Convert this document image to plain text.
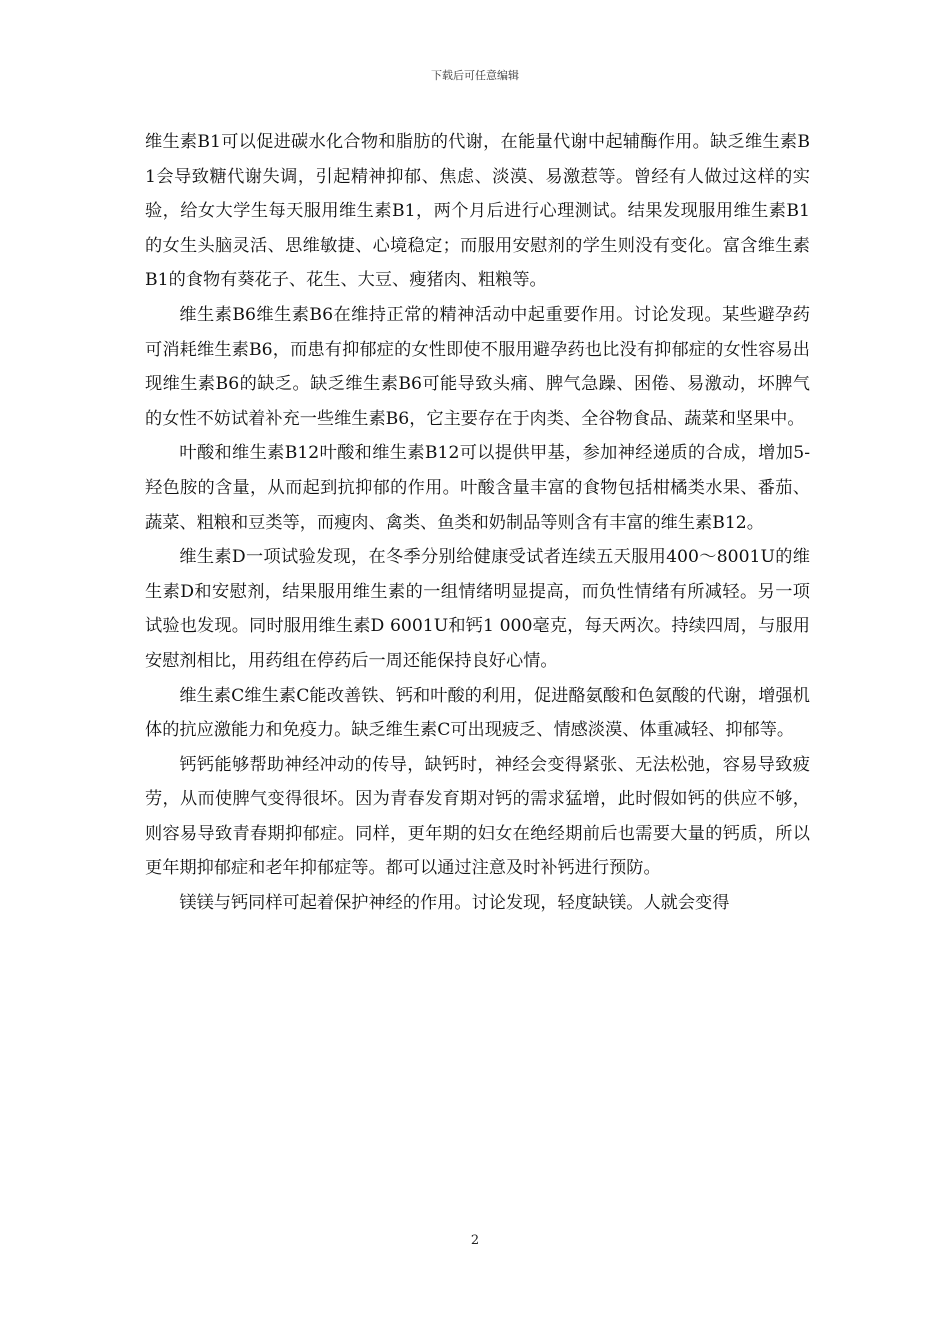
下载后可任意编辑

维生素B1可以促进碳水化合物和脂肪的代谢，在能量代谢中起辅酶作用。缺乏维生素B1会导致糖代谢失调，引起精神抑郁、焦虑、淡漠、易激惹等。曾经有人做过这样的实验，给女大学生每天服用维生素B1，两个月后进行心理测试。结果发现服用维生素B1的女生头脑灵活、思维敏捷、心境稳定；而服用安慰剂的学生则没有变化。富含维生素B1的食物有葵花子、花生、大豆、瘦猪肉、粗粮等。

维生素B6维生素B6在维持正常的精神活动中起重要作用。讨论发现。某些避孕药可消耗维生素B6，而患有抑郁症的女性即使不服用避孕药也比没有抑郁症的女性容易出现维生素B6的缺乏。缺乏维生素B6可能导致头痛、脾气急躁、困倦、易激动，坏脾气的女性不妨试着补充一些维生素B6，它主要存在于肉类、全谷物食品、蔬菜和坚果中。

叶酸和维生素B12叶酸和维生素B12可以提供甲基，参加神经递质的合成，增加5-羟色胺的含量，从而起到抗抑郁的作用。叶酸含量丰富的食物包括柑橘类水果、番茄、蔬菜、粗粮和豆类等，而瘦肉、禽类、鱼类和奶制品等则含有丰富的维生素B12。

维生素D一项试验发现，在冬季分别给健康受试者连续五天服用400～8001U的维生素D和安慰剂，结果服用维生素的一组情绪明显提高，而负性情绪有所减轻。另一项试验也发现。同时服用维生素D 6001U和钙1 000毫克，每天两次。持续四周，与服用安慰剂相比，用药组在停药后一周还能保持良好心情。

维生素C维生素C能改善铁、钙和叶酸的利用，促进酪氨酸和色氨酸的代谢，增强机体的抗应激能力和免疫力。缺乏维生素C可出现疲乏、情感淡漠、体重减轻、抑郁等。

钙钙能够帮助神经冲动的传导，缺钙时，神经会变得紧张、无法松弛，容易导致疲劳，从而使脾气变得很坏。因为青春发育期对钙的需求猛增，此时假如钙的供应不够，则容易导致青春期抑郁症。同样，更年期的妇女在绝经期前后也需要大量的钙质，所以更年期抑郁症和老年抑郁症等。都可以通过注意及时补钙进行预防。

镁镁与钙同样可起着保护神经的作用。讨论发现，轻度缺镁。人就会变得

2
